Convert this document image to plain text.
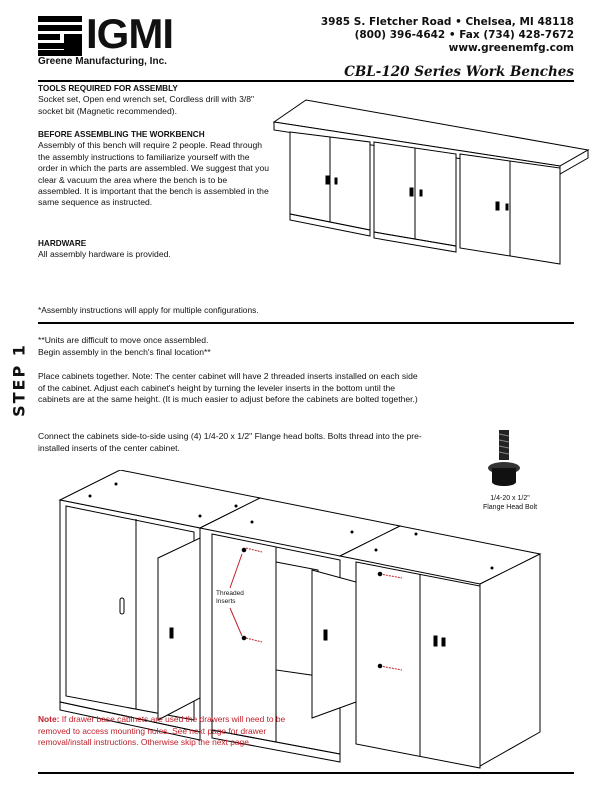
IGMI
Greene Manufacturing, Inc.
3985 S. Fletcher Road • Chelsea, MI 48118
(800) 396-4642 • Fax (734) 428-7672
www.greenemfg.com
CBL-120 Series Work Benches
TOOLS REQUIRED FOR ASSEMBLY
Socket set, Open end wrench set, Cordless drill with 3/8" socket bit (Magnetic recommended).
BEFORE ASSEMBLING THE WORKBENCH
Assembly of this bench will require 2 people. Read through the assembly instructions to familiarize yourself with the order in which the parts are assembled. We suggest that you clear & vacuum the area where the bench is to be assembled. It is important that the bench is assembled in the same sequence as instructed.
HARDWARE
All assembly hardware is provided.
*Assembly instructions will apply for multiple configurations.
STEP 1
**Units are difficult to move once assembled.
Begin assembly in the bench's final location**
Place cabinets together. Note: The center cabinet will have 2 threaded inserts installed on each side of the cabinet. Adjust each cabinet's height by turning the leveler inserts in the bottom until the cabinets are at the same height. (It is much easier to adjust before the cabinets are bolted together.)
Connect the cabinets side-to-side using (4) 1/4-20 x 1/2" Flange head bolts. Bolts thread into the pre-installed inserts of the center cabinet.
1/4-20 x 1/2"
Flange Head Bolt
Threaded
Inserts
Note: If drawer base cabinets are used the drawers will need to be removed to access mounting holes. See next page for drawer removal/install instructions. Otherwise skip the next page.
